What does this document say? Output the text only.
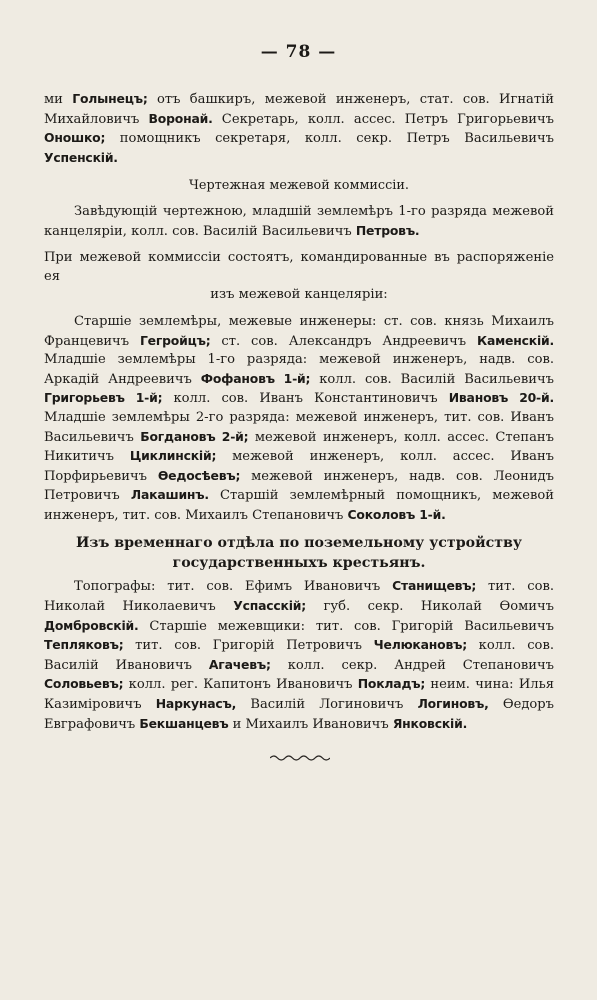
— 78 —

ми Голынецъ; отъ башкиръ, межевой инженеръ, стат. сов. Игнатій Михайловичъ Воронай. Секретарь, колл. ассес. Петръ Григорьевичъ Оношко; помощникъ секретаря, колл. секр. Петръ Васильевичъ Успенскій.

Чертежная межевой коммиссіи.

Завѣдующій чертежною, младшій землемѣръ 1-го разряда межевой канцеляріи, колл. сов. Василій Васильевичъ Петровъ.

При межевой коммиссіи состоятъ, командированные въ распоряженіе ея

изъ межевой канцеляріи:

Старшіе землемѣры, межевые инженеры: ст. сов. князь Михаилъ Францевичъ Гегройцъ; ст. сов. Александръ Андреевичъ Каменскій. Младшіе землемѣры 1-го разряда: межевой инженеръ, надв. сов. Аркадій Андреевичъ Фофановъ 1-й; колл. сов. Василій Васильевичъ Григорьевъ 1-й; колл. сов. Иванъ Константиновичъ Ивановъ 20-й. Младшіе землемѣры 2-го разряда: межевой инженеръ, тит. сов. Иванъ Васильевичъ Богдановъ 2-й; межевой инженеръ, колл. ассес. Степанъ Никитичъ Циклинскій; межевой инженеръ, колл. ассес. Иванъ Порфирьевичъ Ѳедосѣевъ; межевой инженеръ, надв. сов. Леонидъ Петровичъ Лакашинъ. Старшій землемѣрный помощникъ, межевой инженеръ, тит. сов. Михаилъ Степановичъ Соколовъ 1-й.

Изъ временнаго отдѣла по поземельному устройству государственныхъ крестьянъ.

Топографы: тит. сов. Ефимъ Ивановичъ Станищевъ; тит. сов. Николай Николаевичъ Успасскій; губ. секр. Николай Ѳомичъ Домбровскій. Старшіе межевщики: тит. сов. Григорій Васильевичъ Тепляковъ; тит. сов. Григорій Петровичъ Челюкановъ; колл. сов. Василій Ивановичъ Агачевъ; колл. секр. Андрей Степановичъ Соловьевъ; колл. рег. Капитонъ Ивановичъ Покладъ; неим. чина: Илья Казиміровичъ Наркунасъ, Василій Логиновичъ Логиновъ, Ѳедоръ Евграфовичъ Бекшанцевъ и Михаилъ Ивановичъ Янковскій.
